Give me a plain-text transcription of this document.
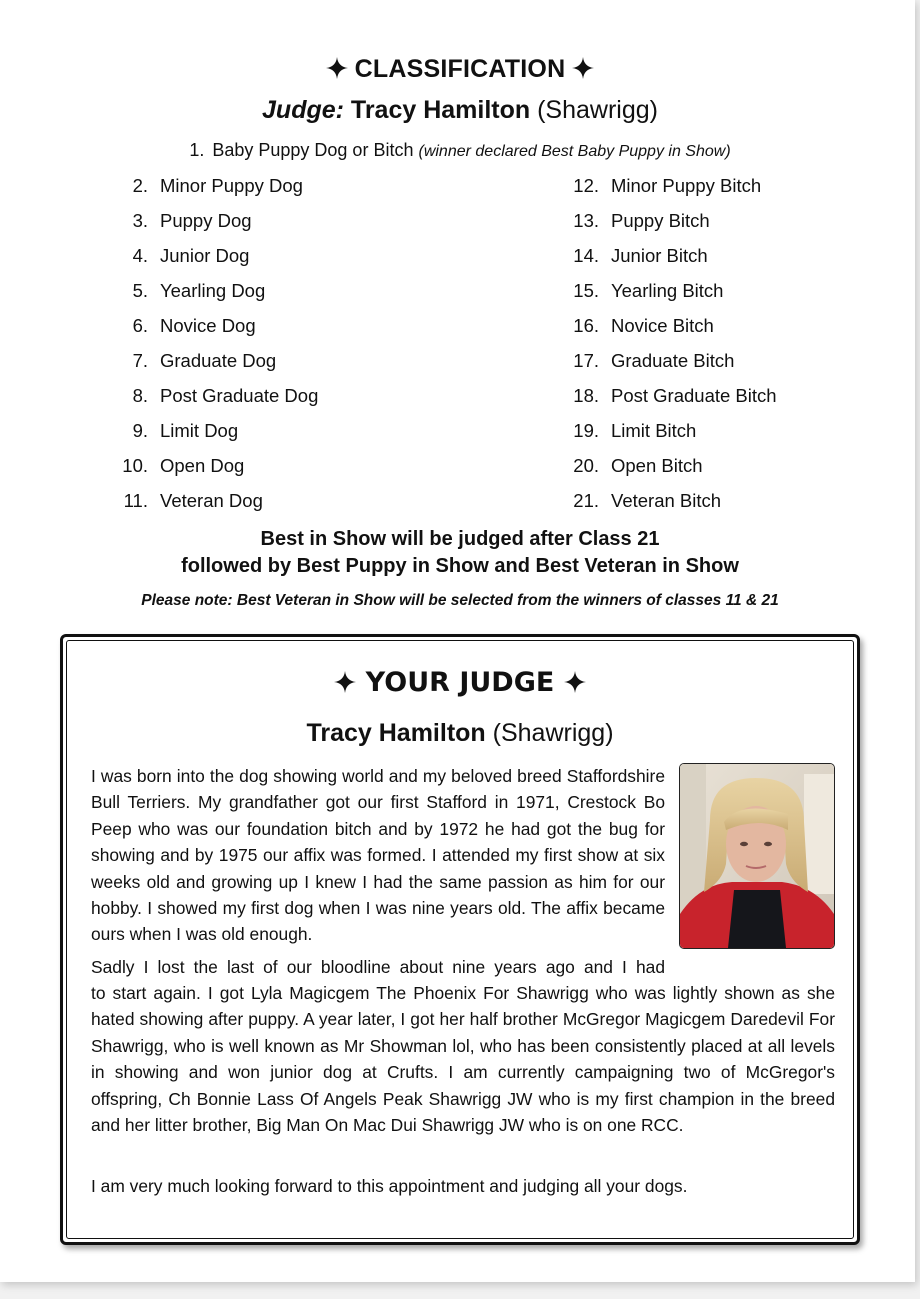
CLASSIFICATION
Judge: Tracy Hamilton (Shawrigg)
1. Baby Puppy Dog or Bitch (winner declared Best Baby Puppy in Show)
2. Minor Puppy Dog
3. Puppy Dog
4. Junior Dog
5. Yearling Dog
6. Novice Dog
7. Graduate Dog
8. Post Graduate Dog
9. Limit Dog
10. Open Dog
11. Veteran Dog
12. Minor Puppy Bitch
13. Puppy Bitch
14. Junior Bitch
15. Yearling Bitch
16. Novice Bitch
17. Graduate Bitch
18. Post Graduate Bitch
19. Limit Bitch
20. Open Bitch
21. Veteran Bitch
Best in Show will be judged after Class 21
followed by Best Puppy in Show and Best Veteran in Show
Please note: Best Veteran in Show will be selected from the winners of classes 11 & 21
YOUR JUDGE
Tracy Hamilton (Shawrigg)

I was born into the dog showing world and my beloved breed Staffordshire Bull Terriers. My grandfather got our first Stafford in 1971, Crestock Bo Peep who was our foundation bitch and by 1972 he had got the bug for showing and by 1975 our affix was formed. I attended my first show at six weeks old and growing up I knew I had the same passion as him for our hobby. I showed my first dog when I was nine years old. The affix became ours when I was old enough.

Sadly I lost the last of our bloodline about nine years ago and I had

to start again. I got Lyla Magicgem The Phoenix For Shawrigg who was lightly shown as she hated showing after puppy. A year later, I got her half brother McGregor Magicgem Daredevil For Shawrigg, who is well known as Mr Showman lol, who has been consistently placed at all levels in showing and won junior dog at Crufts. I am currently campaigning two of McGregor's offspring, Ch Bonnie Lass Of Angels Peak Shawrigg JW who is my first champion in the breed and her litter brother, Big Man On Mac Dui Shawrigg JW who is on one RCC.

I am very much looking forward to this appointment and judging all your dogs.
